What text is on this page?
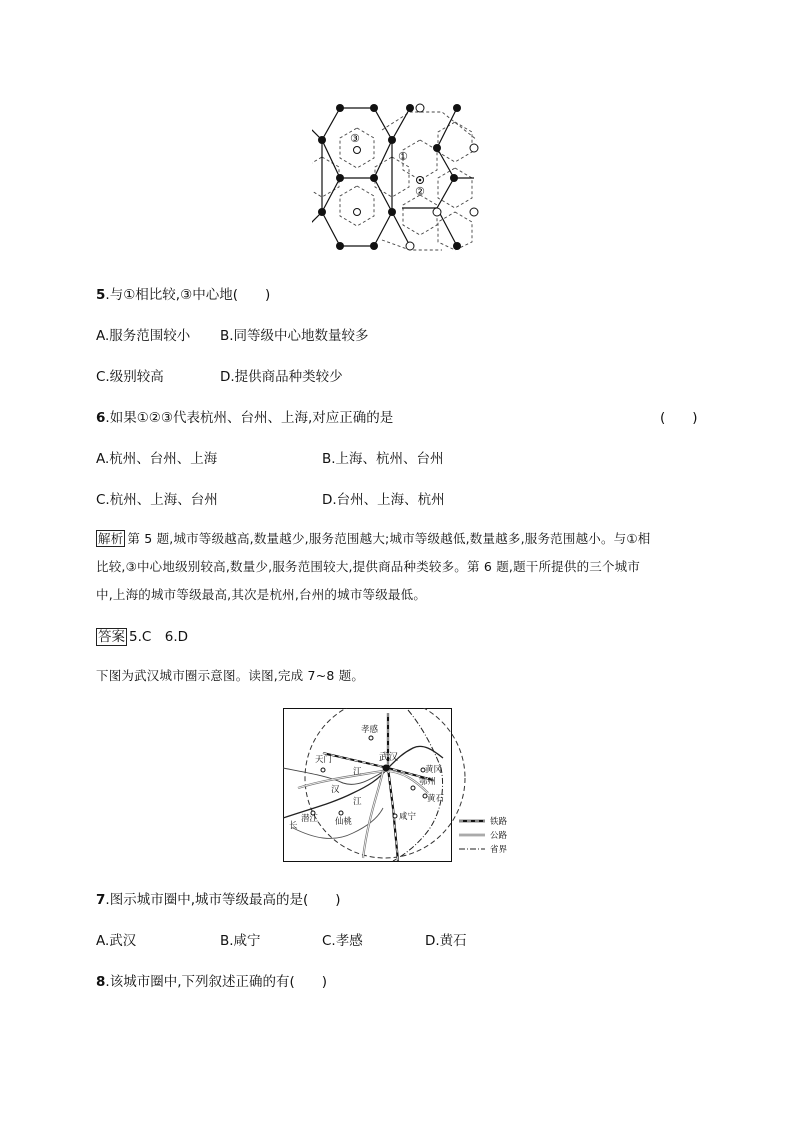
③
①
②
5.与①相比较,③中心地(　　)
A.服务范围较小 B.同等级中心地数量较多
C.级别较高	D.提供商品种类较少
6.如果①②③代表杭州、台州、上海,对应正确的是	(　　)
A.杭州、台州、上海	B.上海、杭州、台州
C.杭州、上海、台州	D.台州、上海、杭州
解析 第 5 题,城市等级越高,数量越少,服务范围越大;城市等级越低,数量越多,服务范围越小。与①相
比较,③中心地级别较高,数量少,服务范围较大,提供商品种类较多。第 6 题,题干所提供的三个城市
中,上海的城市等级最高,其次是杭州,台州的城市等级最低。
答案 5.C　6.D
下图为武汉城市圈示意图。读图,完成 7~8 题。
天门
孝感
武汉
潜江 仙桃	咸宁
黄冈
鄂州
黄石
汉
江
江
长	铁路
公路
省界
7.图示城市圈中,城市等级最高的是(　　)
A.武汉	B.咸宁	C.孝感	D.黄石
8.该城市圈中,下列叙述正确的有(　　)
